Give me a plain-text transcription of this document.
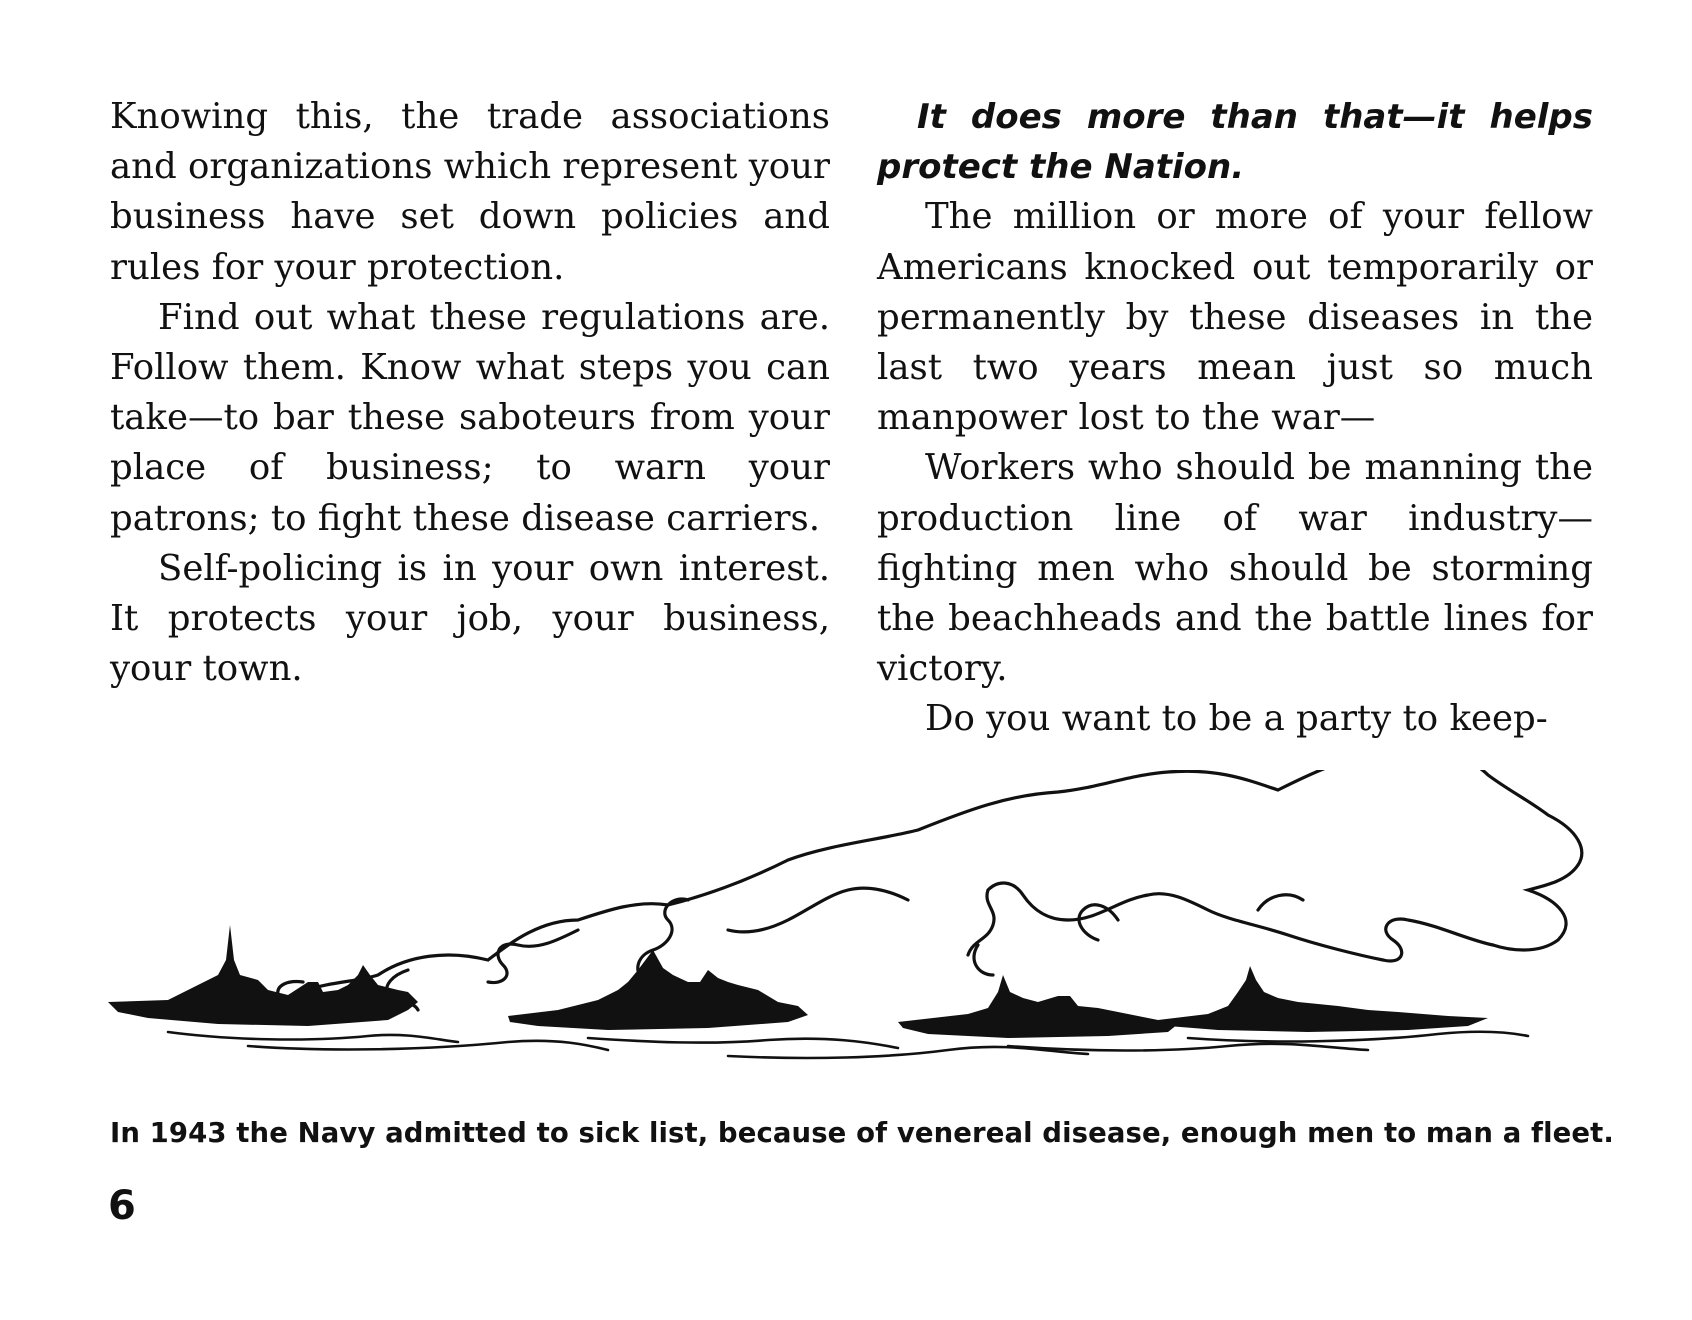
Knowing this, the trade associations and organizations which represent your business have set down policies and rules for your protection.

Find out what these regulations are. Follow them. Know what steps you can take—to bar these saboteurs from your place of business; to warn your patrons; to fight these disease carriers.

Self-policing is in your own interest. It protects your job, your business, your town.

It does more than that—it helps protect the Nation.

The million or more of your fellow Americans knocked out temporarily or permanently by these diseases in the last two years mean just so much manpower lost to the war—

Workers who should be manning the production line of war industry— fighting men who should be storming the beachheads and the battle lines for victory.

Do you want to be a party to keep-

In 1943 the Navy admitted to sick list, because of venereal disease, enough men to man a fleet.
6
